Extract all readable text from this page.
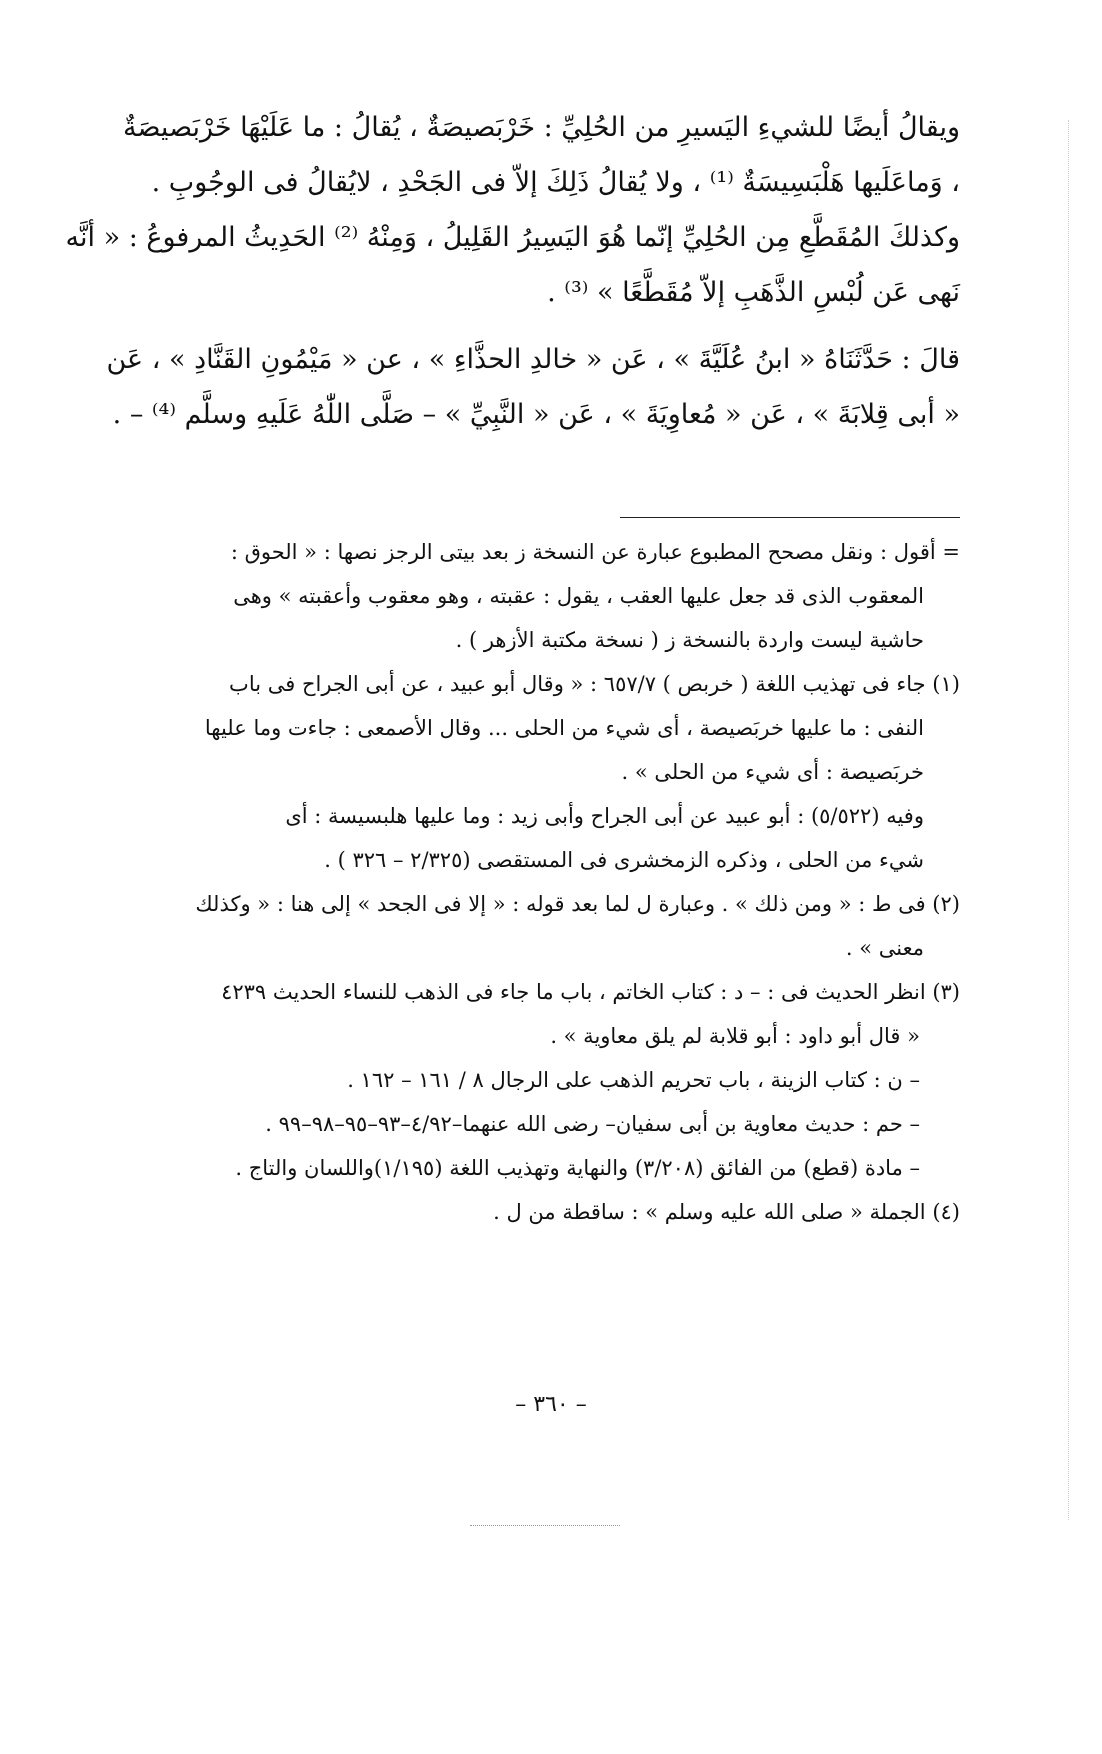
ويقالُ أيضًا للشيءِ اليَسيرِ من الحُلِيِّ : خَرْبَصيصَةٌ ، يُقالُ : ما عَلَيْهَا خَرْبَصيصَةٌ
، وَماعَلَيها هَلْبَسِيسَةٌ ⁽¹⁾ ، ولا يُقالُ ذَلِكَ إلاّ فى الجَحْدِ ، لايُقالُ فى الوجُوبِ .
وكذلكَ المُقَطَّعِ مِن الحُلِيِّ إنّما هُوَ اليَسِيرُ القَلِيلُ ، وَمِنْهُ ⁽²⁾ الحَدِيثُ المرفوعُ : « أنَّه
نَهى عَن لُبْسِ الذَّهَبِ إلاّ مُقَطَّعًا » ⁽³⁾ .
قالَ : حَدَّثَنَاهُ « ابنُ عُلَيَّةَ » ، عَن « خالدِ الحذَّاءِ » ، عن « مَيْمُونِ القَنَّادِ » ، عَن
« أبى قِلابَةَ » ، عَن « مُعاوِيَةَ » ، عَن « النَّبِيِّ » – صَلَّى اللّٰهُ عَلَيهِ وسلَّم ⁽⁴⁾ – .
= أقول : ونقل مصحح المطبوع عبارة عن النسخة ز بعد بيتى الرجز نصها : « الحوق :
المعقوب الذى قد جعل عليها العقب ، يقول : عقبته ، وهو معقوب وأعقبته » وهى
حاشية ليست واردة بالنسخة ز ( نسخة مكتبة الأزهر ) .
(١) جاء فى تهذيب اللغة ( خربص ) ٦٥٧/٧ : « وقال أبو عبيد ، عن أبى الجراح فى باب
النفى : ما عليها خربَصيصة ، أى شيء من الحلى ... وقال الأصمعى : جاءت وما عليها
خربَصيصة : أى شيء من الحلى » .
وفيه (٥/٥٢٢) : أبو عبيد عن أبى الجراح وأبى زيد : وما عليها هلبسيسة : أى
شيء من الحلى ، وذكره الزمخشرى فى المستقصى (٢/٣٢٥ – ٣٢٦ ) .
(٢) فى ط : « ومن ذلك » . وعبارة ل لما بعد قوله : « إلا فى الجحد » إلى هنا : « وكذلك
معنى » .
(٣) انظر الحديث فى : – د : كتاب الخاتم ، باب ما جاء فى الذهب للنساء الحديث ٤٢٣٩
« قال أبو داود : أبو قلابة لم يلق معاوية » .
– ن : كتاب الزينة ، باب تحريم الذهب على الرجال ٨ / ١٦١ – ١٦٢ .
– حم : حديث معاوية بن أبى سفيان– رضى الله عنهما–٤/٩٢–٩٣–٩٥–٩٨–٩٩ .
– مادة (قطع) من الفائق (٣/٢٠٨) والنهاية وتهذيب اللغة (١/١٩٥)واللسان والتاج .
(٤) الجملة « صلى الله عليه وسلم » : ساقطة من ل .
– ٣٦٠ –
